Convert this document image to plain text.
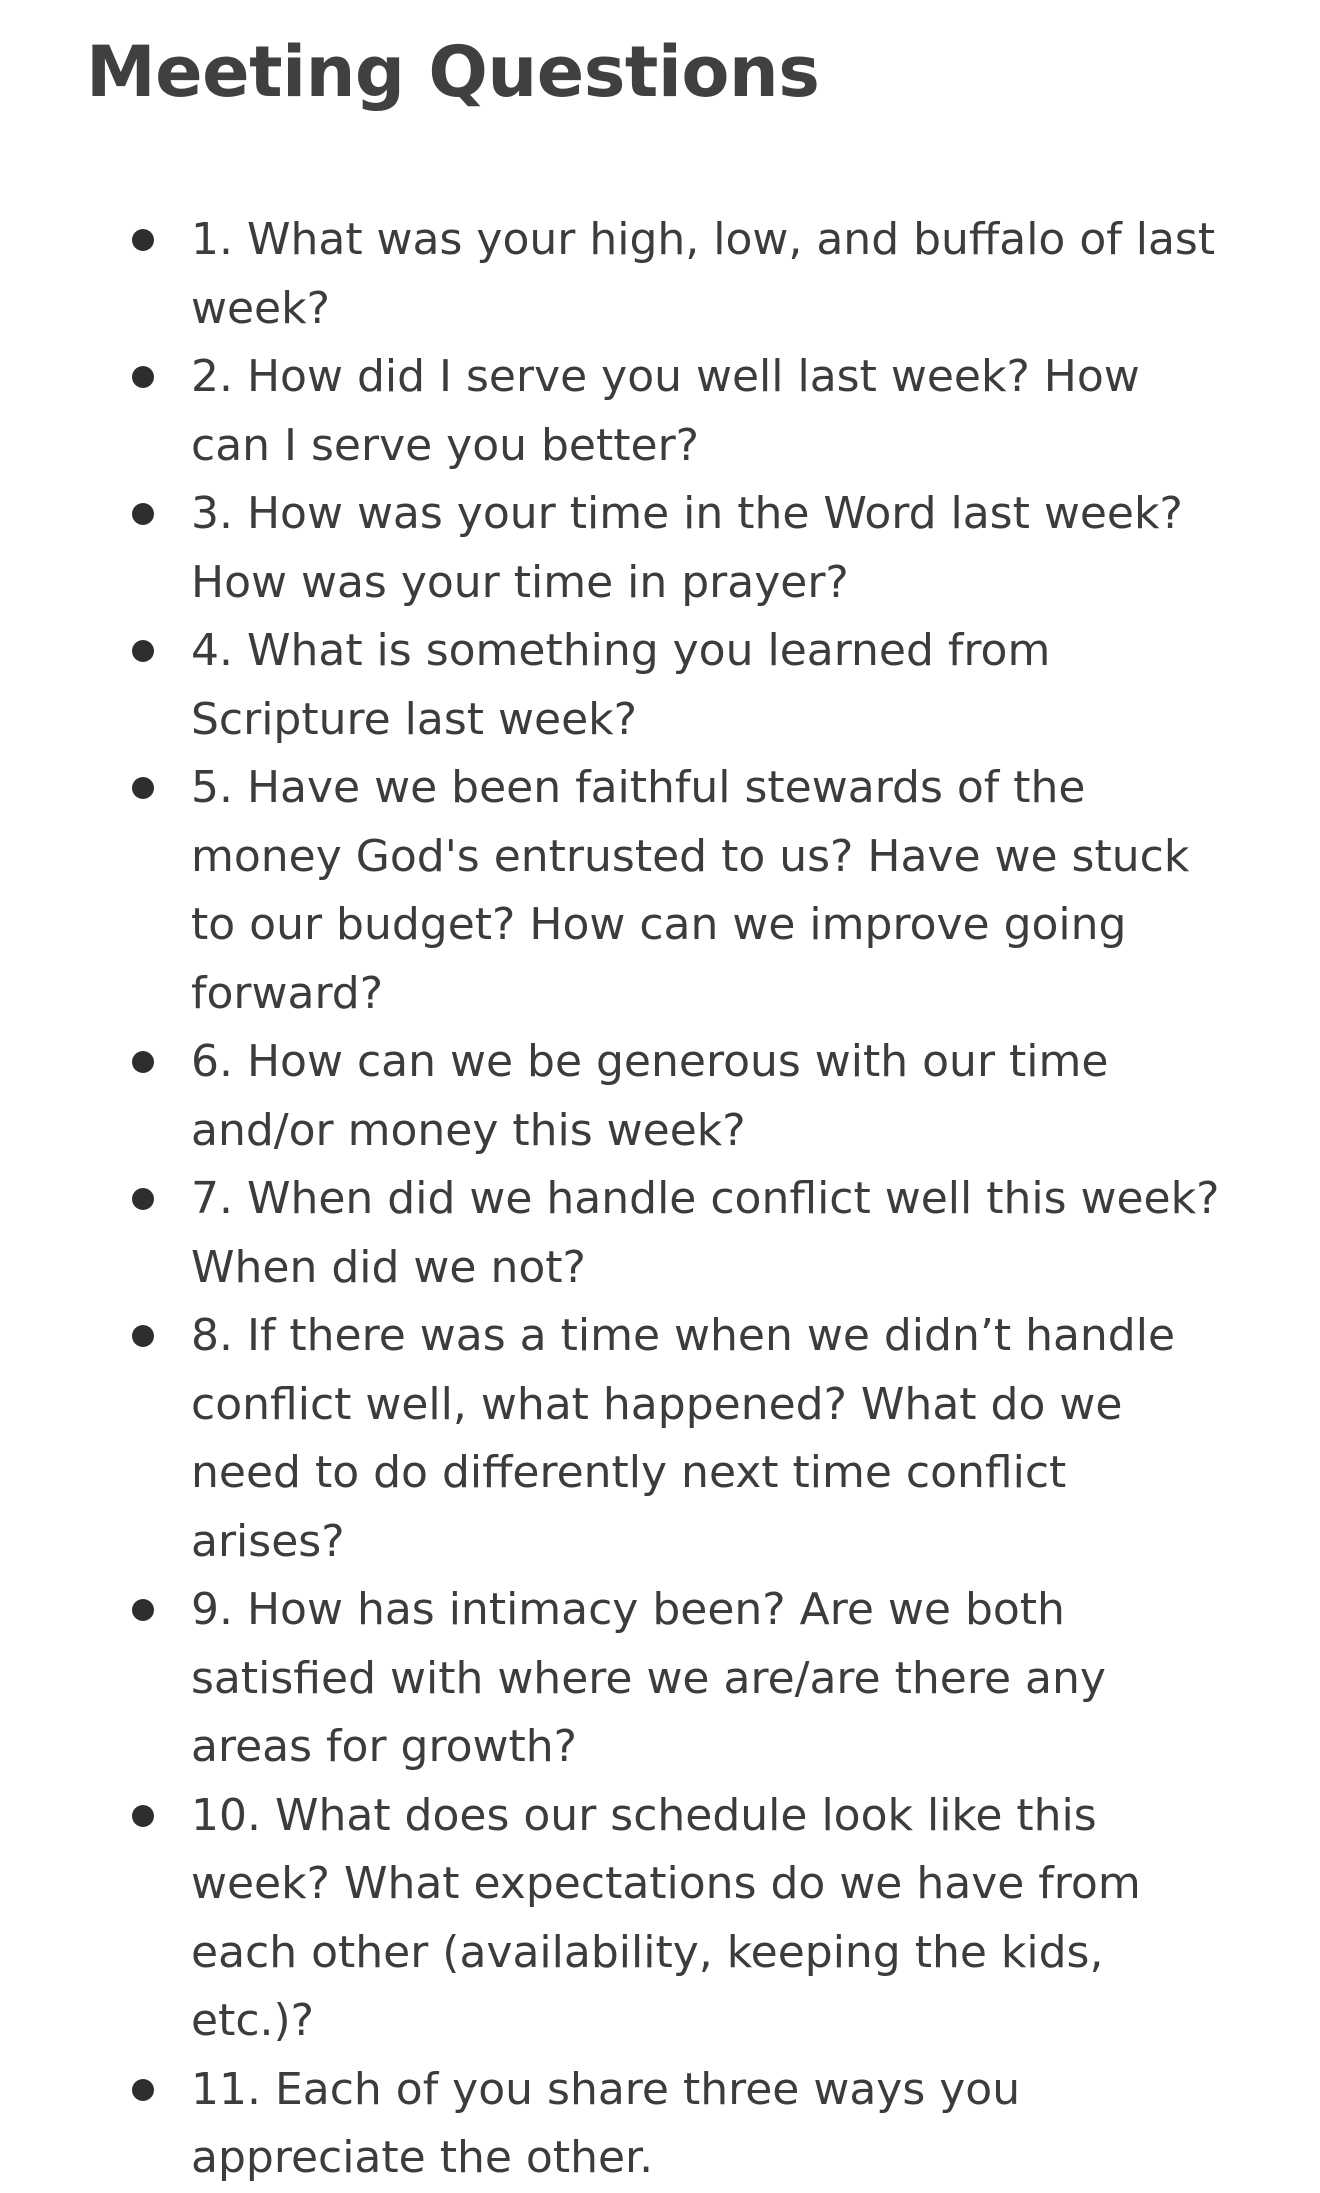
Meeting Questions
1. What was your high, low, and buffalo of last week?
2. How did I serve you well last week? How can I serve you better?
3. How was your time in the Word last week? How was your time in prayer?
4. What is something you learned from Scripture last week?
5. Have we been faithful stewards of the money God's entrusted to us? Have we stuck to our budget? How can we improve going forward?
6. How can we be generous with our time and/or money this week?
7. When did we handle conflict well this week? When did we not?
8. If there was a time when we didn’t handle conflict well, what happened? What do we need to do differently next time conflict arises?
9. How has intimacy been? Are we both satisfied with where we are/are there any areas for growth?
10. What does our schedule look like this week? What expectations do we have from each other (availability, keeping the kids, etc.)?
11. Each of you share three ways you appreciate the other.
